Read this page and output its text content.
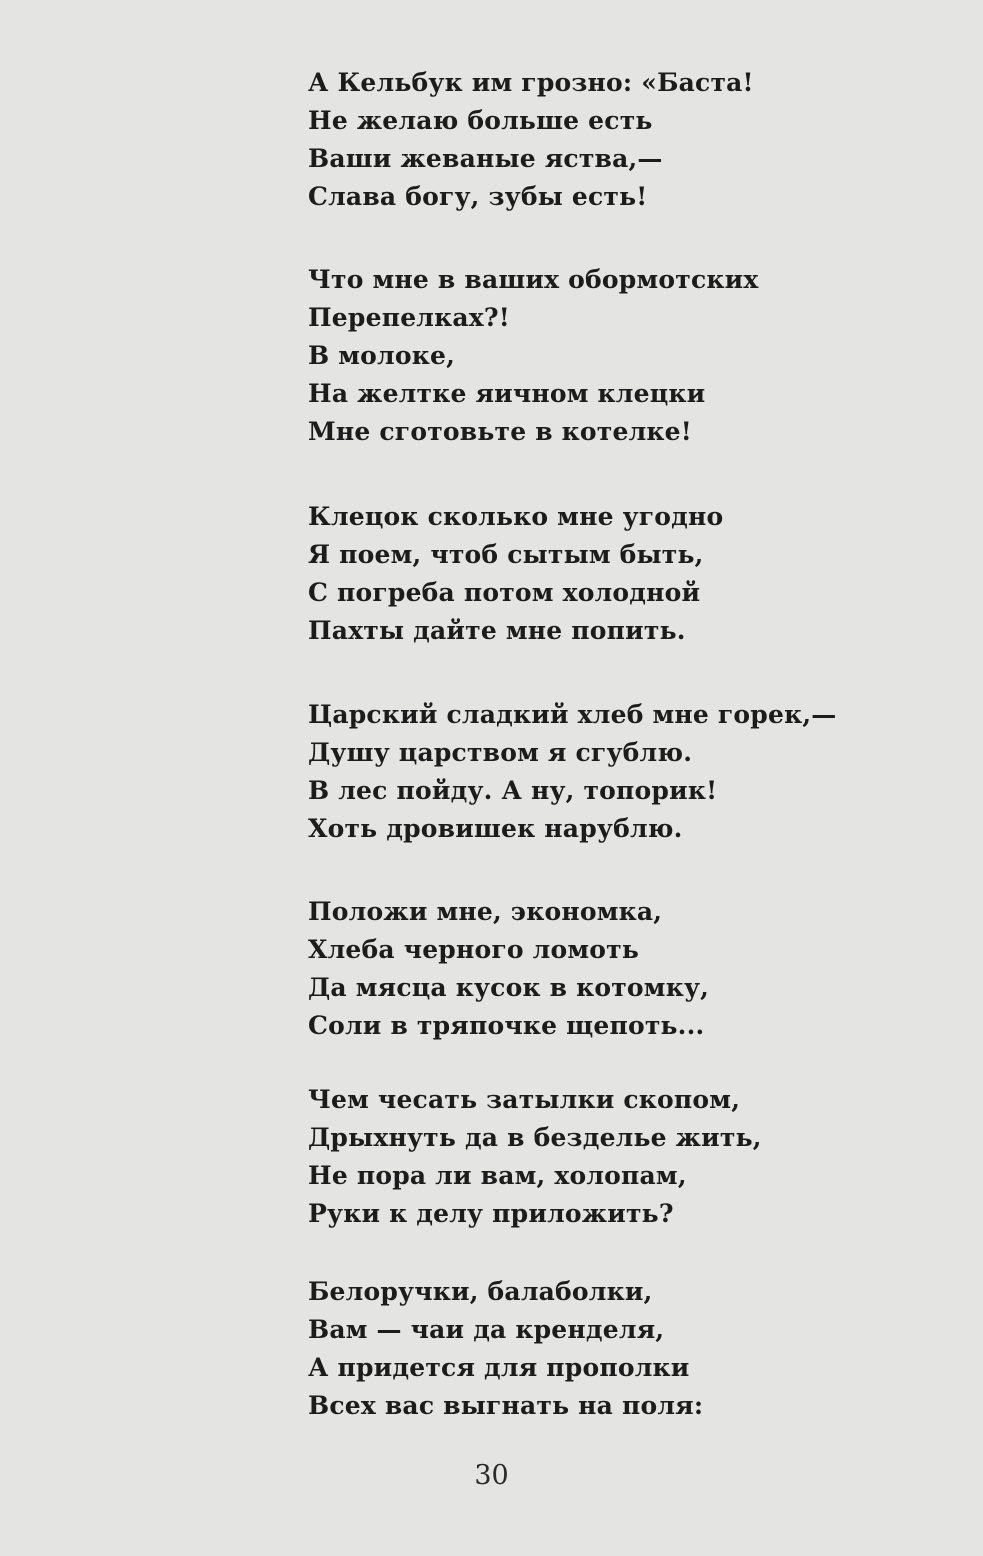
А Кельбук им грозно: «Баста!
Не желаю больше есть
Ваши жеваные яства,—
Слава богу, зубы есть!
Что мне в ваших обормотских
Перепелках?!
В молоке,
На желтке яичном клецки
Мне сготовьте в котелке!
Клецок сколько мне угодно
Я поем, чтоб сытым быть,
С погреба потом холодной
Пахты дайте мне попить.
Царский сладкий хлеб мне горек,—
Душу царством я сгублю.
В лес пойду. А ну, топорик!
Хоть дровишек нарублю.
Положи мне, экономка,
Хлеба черного ломоть
Да мясца кусок в котомку,
Соли в тряпочке щепоть...
Чем чесать затылки скопом,
Дрыхнуть да в безделье жить,
Не пора ли вам, холопам,
Руки к делу приложить?
Белоручки, балаболки,
Вам — чаи да кренделя,
А придется для прополки
Всех вас выгнать на поля:
30
